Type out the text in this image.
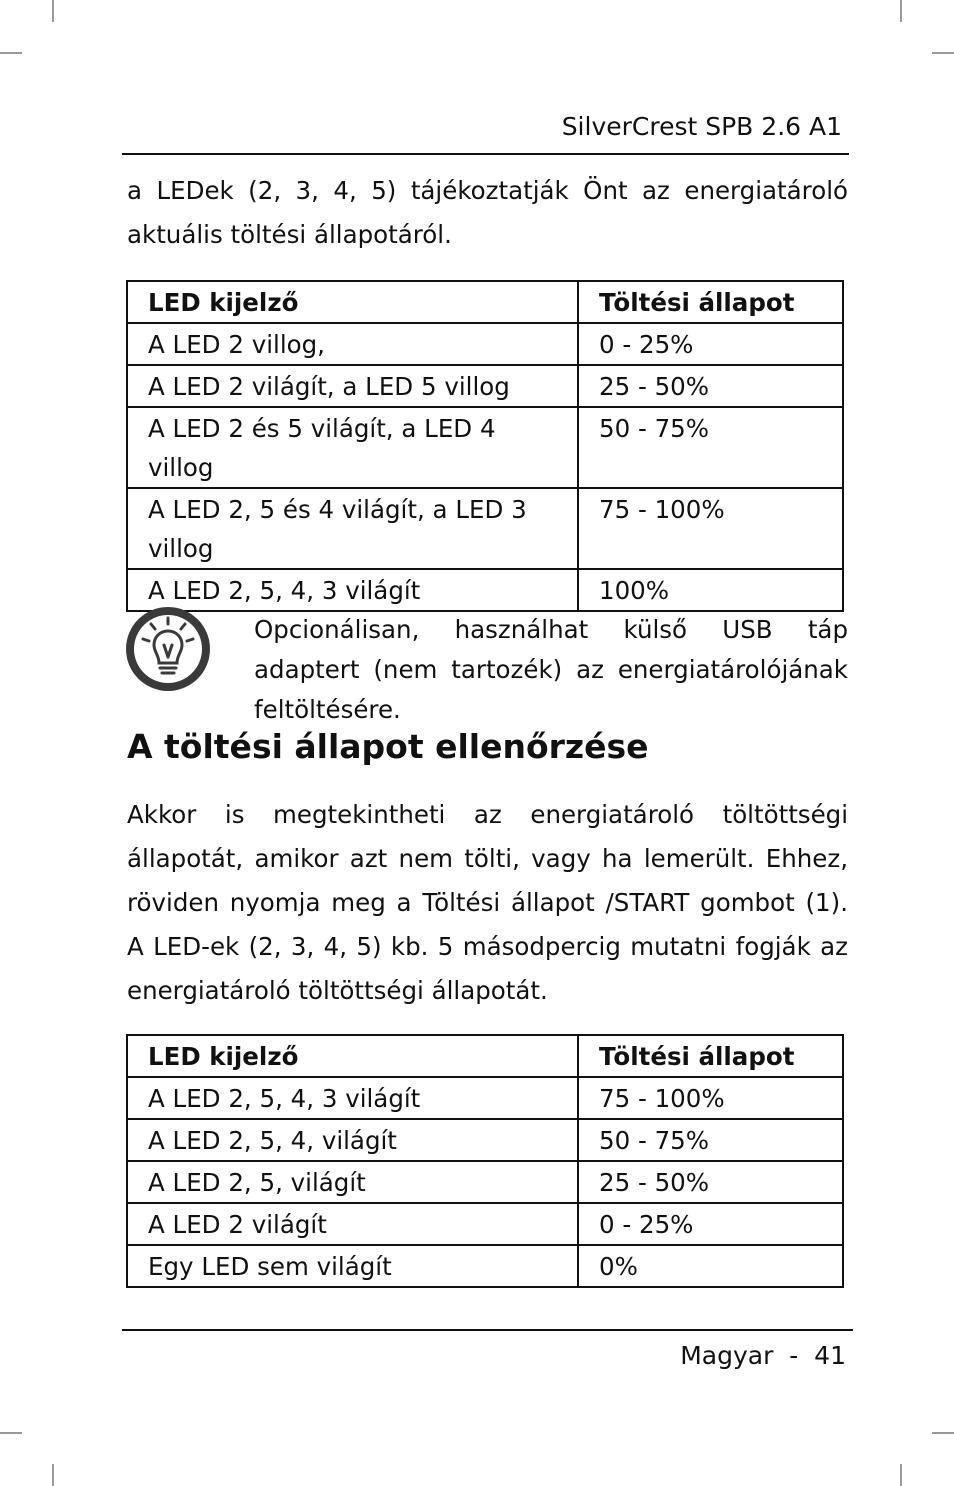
SilverCrest SPB 2.6 A1

a LEDek (2, 3, 4, 5) tájékoztatják Önt az energiatároló aktuális töltési állapotáról.

LED kijelző	Töltési állapot
A LED 2 villog,	0 - 25%
A LED 2 világít, a LED 5 villog	25 - 50%
A LED 2 és 5 világít, a LED 4 villog	50 - 75%
A LED 2, 5 és 4 világít, a LED 3 villog	75 - 100%
A LED 2, 5, 4, 3 világít	100%

Opcionálisan, használhat külső USB táp adaptert (nem tartozék) az energiatárolójának feltöltésére.

A töltési állapot ellenőrzése

Akkor is megtekintheti az energiatároló töltöttségi állapotát, amikor azt nem tölti, vagy ha lemerült. Ehhez, röviden nyomja meg a Töltési állapot /START gombot (1). A LED-ek (2, 3, 4, 5) kb. 5 másodpercig mutatni fogják az energiatároló töltöttségi állapotát.

LED kijelző	Töltési állapot
A LED 2, 5, 4, 3 világít	75 - 100%
A LED 2, 5, 4, világít	50 - 75%
A LED 2, 5, világít	25 - 50%
A LED 2 világít	0 - 25%
Egy LED sem világít	0%
Magyar  -  41
